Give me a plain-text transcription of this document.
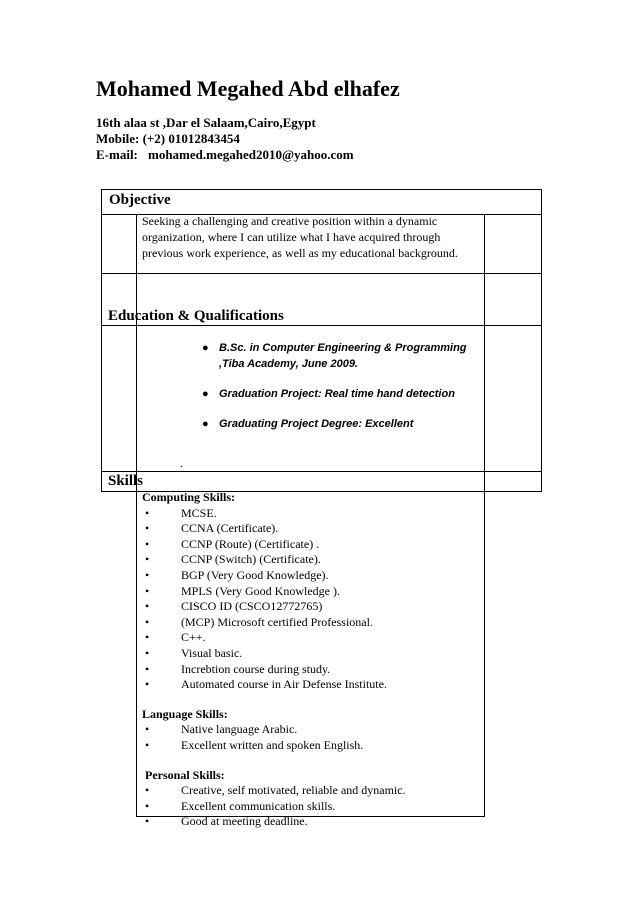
Mohamed Megahed Abd elhafez
16th alaa st ,Dar el Salaam,Cairo,Egypt
Mobile: (+2) 01012843454
E-mail: mohamed.megahed2010@yahoo.com
Objective
Seeking a challenging and creative position within a dynamic organization, where I can utilize what I have acquired through previous work experience, as well as my educational background.
Education & Qualifications
● B.Sc. in Computer Engineering & Programming ,Tiba Academy, June 2009.
● Graduation Project: Real time hand detection
● Graduating Project Degree: Excellent
.
Skills
Computing Skills:
•	MCSE.
•	CCNA (Certificate).
•	CCNP (Route) (Certificate) .
•	CCNP (Switch) (Certificate).
•	BGP (Very Good Knowledge).
•	MPLS (Very Good Knowledge ).
•	CISCO ID (CSCO12772765)
•	(MCP) Microsoft certified Professional.
•	C++.
•	Visual basic.
•	Increbtion course during study.
•	Automated course in Air Defense Institute.
Language Skills:
•	Native language Arabic.
•	Excellent written and spoken English.
Personal Skills:
•	Creative, self motivated, reliable and dynamic.
•	Excellent communication skills.
•	Good at meeting deadline.
